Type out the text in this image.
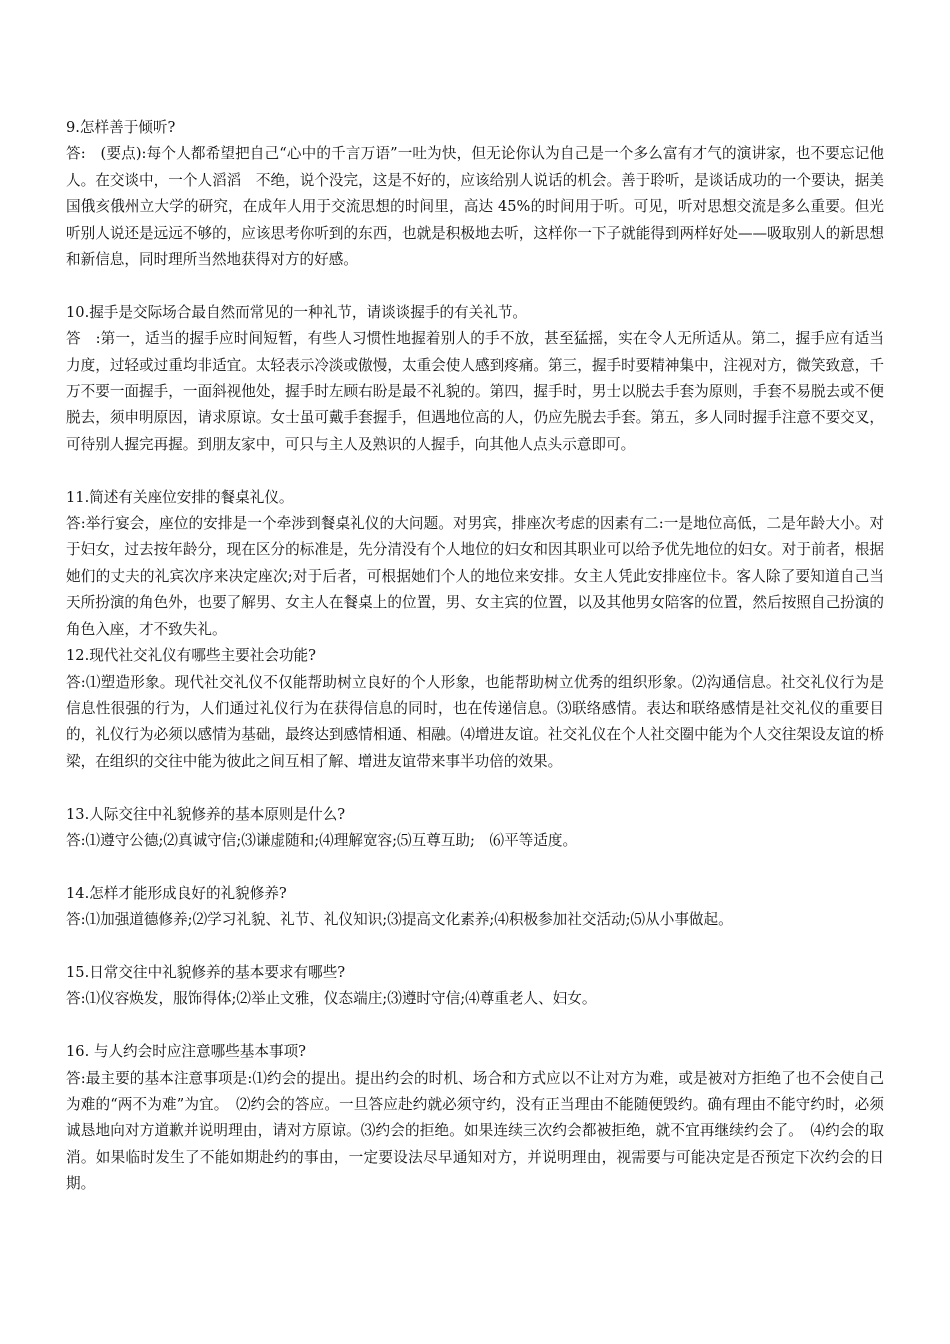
9.怎样善于倾听?

答:　(要点):每个人都希望把自己“心中的千言万语”一吐为快，但无论你认为自己是一个多么富有才气的演讲家，也不要忘记他人。在交谈中，一个人滔滔　不绝，说个没完，这是不好的，应该给别人说话的机会。善于聆听，是谈话成功的一个要诀，据美国俄亥俄州立大学的研究，在成年人用于交流思想的时间里，高达 45%的时间用于听。可见，听对思想交流是多么重要。但光听别人说还是远远不够的，应该思考你听到的东西，也就是积极地去听，这样你一下子就能得到两样好处——吸取别人的新思想和新信息，同时理所当然地获得对方的好感。

10.握手是交际场合最自然而常见的一种礼节，请谈谈握手的有关礼节。

答　:第一，适当的握手应时间短暂，有些人习惯性地握着别人的手不放，甚至猛摇，实在令人无所适从。第二，握手应有适当力度，过轻或过重均非适宜。太轻表示冷淡或傲慢，太重会使人感到疼痛。第三，握手时要精神集中，注视对方，微笑致意，千万不要一面握手，一面斜视他处，握手时左顾右盼是最不礼貌的。第四，握手时，男士以脱去手套为原则，手套不易脱去或不便脱去，须申明原因，请求原谅。女士虽可戴手套握手，但遇地位高的人，仍应先脱去手套。第五，多人同时握手注意不要交叉，可待别人握完再握。到朋友家中，可只与主人及熟识的人握手，向其他人点头示意即可。

11.简述有关座位安排的餐桌礼仪。

答:举行宴会，座位的安排是一个牵涉到餐桌礼仪的大问题。对男宾，排座次考虑的因素有二:一是地位高低，二是年龄大小。对于妇女，过去按年龄分，现在区分的标准是，先分清没有个人地位的妇女和因其职业可以给予优先地位的妇女。对于前者，根据她们的丈夫的礼宾次序来决定座次;对于后者，可根据她们个人的地位来安排。女主人凭此安排座位卡。客人除了要知道自己当天所扮演的角色外，也要了解男、女主人在餐桌上的位置，男、女主宾的位置，以及其他男女陪客的位置，然后按照自己扮演的角色入座，才不致失礼。

12.现代社交礼仪有哪些主要社会功能?

答:⑴塑造形象。现代社交礼仪不仅能帮助树立良好的个人形象，也能帮助树立优秀的组织形象。⑵沟通信息。社交礼仪行为是信息性很强的行为，人们通过礼仪行为在获得信息的同时，也在传递信息。⑶联络感情。表达和联络感情是社交礼仪的重要目的，礼仪行为必须以感情为基础，最终达到感情相通、相融。⑷增进友谊。社交礼仪在个人社交圈中能为个人交往架设友谊的桥梁，在组织的交往中能为彼此之间互相了解、增进友谊带来事半功倍的效果。

13.人际交往中礼貌修养的基本原则是什么?

答:⑴遵守公德;⑵真诚守信;⑶谦虚随和;⑷理解宽容;⑸互尊互助;　⑹平等适度。

14.怎样才能形成良好的礼貌修养?

答:⑴加强道德修养;⑵学习礼貌、礼节、礼仪知识;⑶提高文化素养;⑷积极参加社交活动;⑸从小事做起。

15.日常交往中礼貌修养的基本要求有哪些?

答:⑴仪容焕发，服饰得体;⑵举止文雅，仪态端庄;⑶遵时守信;⑷尊重老人、妇女。

16. 与人约会时应注意哪些基本事项?

答:最主要的基本注意事项是:⑴约会的提出。提出约会的时机、场合和方式应以不让对方为难，或是被对方拒绝了也不会使自己为难的“两不为难”为宜。　⑵约会的答应。一旦答应赴约就必须守约，没有正当理由不能随便毁约。确有理由不能守约时，必须诚恳地向对方道歉并说明理由，请对方原谅。⑶约会的拒绝。如果连续三次约会都被拒绝，就不宜再继续约会了。　⑷约会的取消。如果临时发生了不能如期赴约的事由，一定要设法尽早通知对方，并说明理由，视需要与可能决定是否预定下次约会的日期。
